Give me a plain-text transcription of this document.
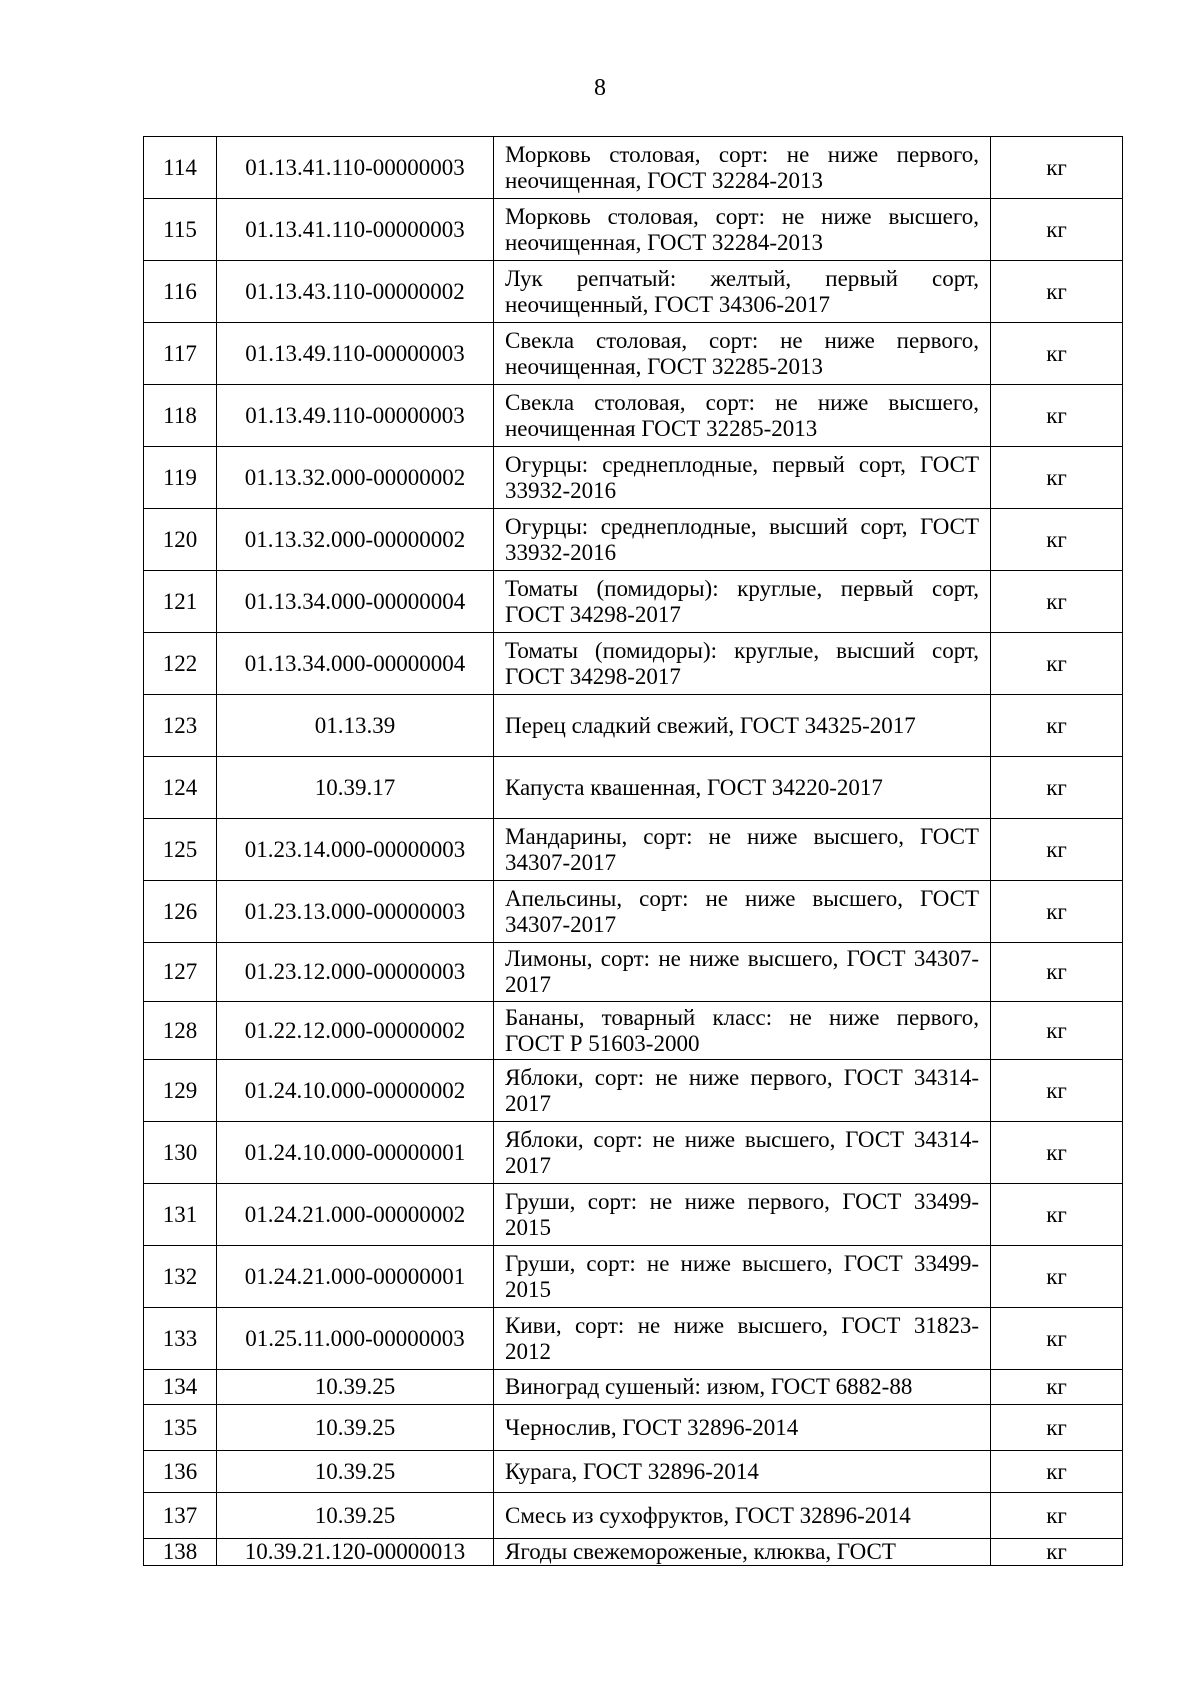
8
114	01.13.41.110-00000003	Морковь столовая, сорт: не ниже первого, неочищенная, ГОСТ 32284-2013	кг
115	01.13.41.110-00000003	Морковь столовая, сорт: не ниже высшего, неочищенная, ГОСТ 32284-2013	кг
116	01.13.43.110-00000002	Лук репчатый: желтый, первый сорт, неочищенный, ГОСТ 34306-2017	кг
117	01.13.49.110-00000003	Свекла столовая, сорт: не ниже первого, неочищенная, ГОСТ 32285-2013	кг
118	01.13.49.110-00000003	Свекла столовая, сорт: не ниже высшего, неочищенная ГОСТ 32285-2013	кг
119	01.13.32.000-00000002	Огурцы: среднеплодные, первый сорт, ГОСТ 33932-2016	кг
120	01.13.32.000-00000002	Огурцы: среднеплодные, высший сорт, ГОСТ 33932-2016	кг
121	01.13.34.000-00000004	Томаты (помидоры): круглые, первый сорт, ГОСТ 34298-2017	кг
122	01.13.34.000-00000004	Томаты (помидоры): круглые, высший сорт, ГОСТ 34298-2017	кг
123	01.13.39	Перец сладкий свежий, ГОСТ 34325-2017	кг
124	10.39.17	Капуста квашенная, ГОСТ 34220-2017	кг
125	01.23.14.000-00000003	Мандарины, сорт: не ниже высшего, ГОСТ 34307-2017	кг
126	01.23.13.000-00000003	Апельсины, сорт: не ниже высшего, ГОСТ 34307-2017	кг
127	01.23.12.000-00000003	Лимоны, сорт: не ниже высшего, ГОСТ 34307-2017	кг
128	01.22.12.000-00000002	Бананы, товарный класс: не ниже первого, ГОСТ Р 51603-2000	кг
129	01.24.10.000-00000002	Яблоки, сорт: не ниже первого, ГОСТ 34314-2017	кг
130	01.24.10.000-00000001	Яблоки, сорт: не ниже высшего, ГОСТ 34314-2017	кг
131	01.24.21.000-00000002	Груши, сорт: не ниже первого, ГОСТ 33499-2015	кг
132	01.24.21.000-00000001	Груши, сорт: не ниже высшего, ГОСТ 33499-2015	кг
133	01.25.11.000-00000003	Киви, сорт: не ниже высшего, ГОСТ 31823-2012	кг
134	10.39.25	Виноград сушеный: изюм, ГОСТ 6882-88	кг
135	10.39.25	Чернослив, ГОСТ 32896-2014	кг
136	10.39.25	Курага, ГОСТ 32896-2014	кг
137	10.39.25	Смесь из сухофруктов, ГОСТ 32896-2014	кг
138	10.39.21.120-00000013	Ягоды свежемороженые, клюква, ГОСТ	кг
